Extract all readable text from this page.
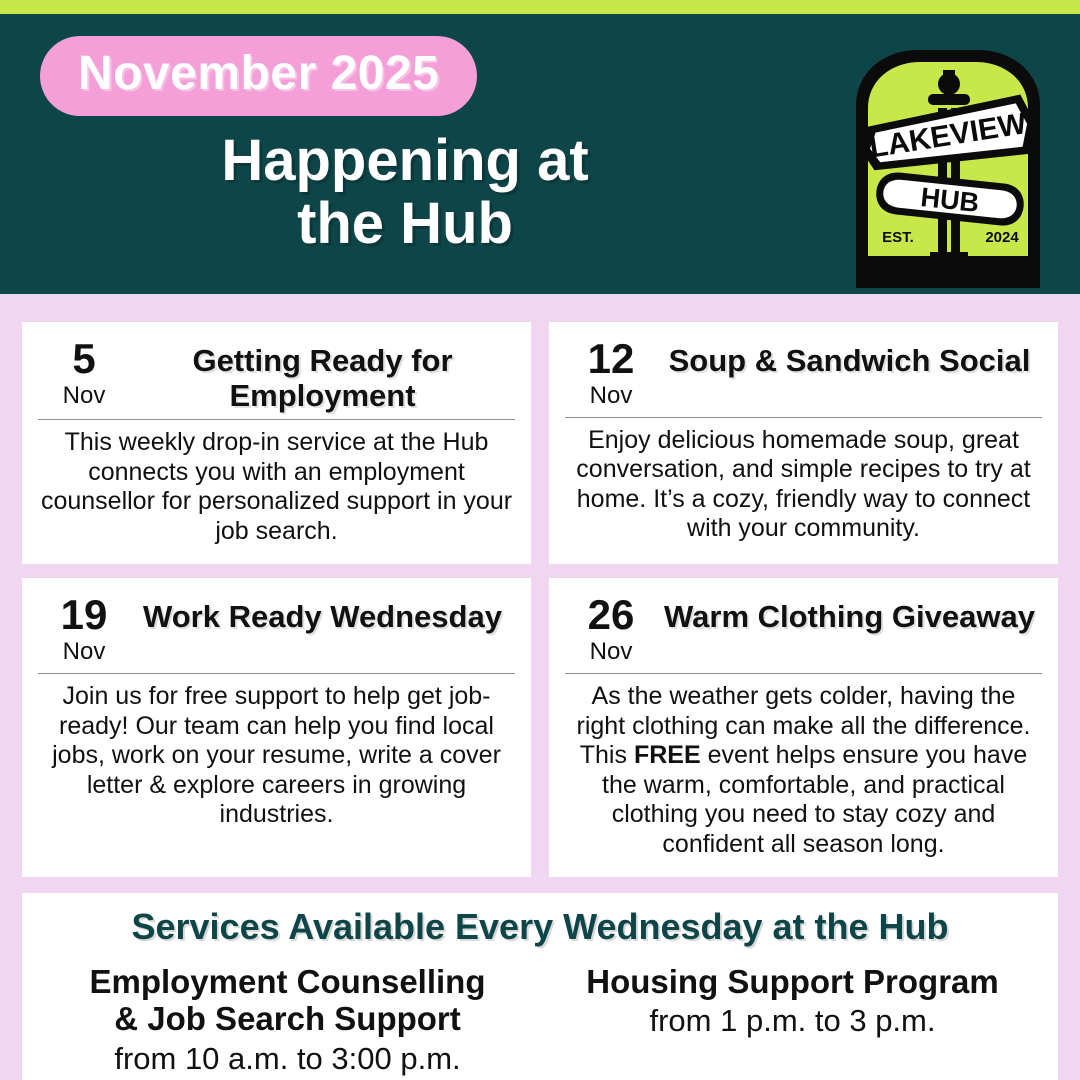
November 2025
Happening at
the Hub
LAKEVIEW
HUB
EST.	2024
5
Nov
Getting Ready for Employment
This weekly drop-in service at the Hub connects you with an employment counsellor for personalized support in your job search.
12
Nov
Soup & Sandwich Social
Enjoy delicious homemade soup, great conversation, and simple recipes to try at home. It’s a cozy, friendly way to connect with your community.
19
Nov
Work Ready Wednesday
Join us for free support to help get job-ready! Our team can help you find local jobs, work on your resume, write a cover letter & explore careers in growing industries.
26
Nov
Warm Clothing Giveaway
As the weather gets colder, having the right clothing can make all the difference. This FREE event helps ensure you have the warm, comfortable, and practical clothing you need to stay cozy and confident all season long.
Services Available Every Wednesday at the Hub
Employment Counselling
& Job Search Support
from 10 a.m. to 3:00 p.m.
Housing Support Program
from 1 p.m. to 3 p.m.
